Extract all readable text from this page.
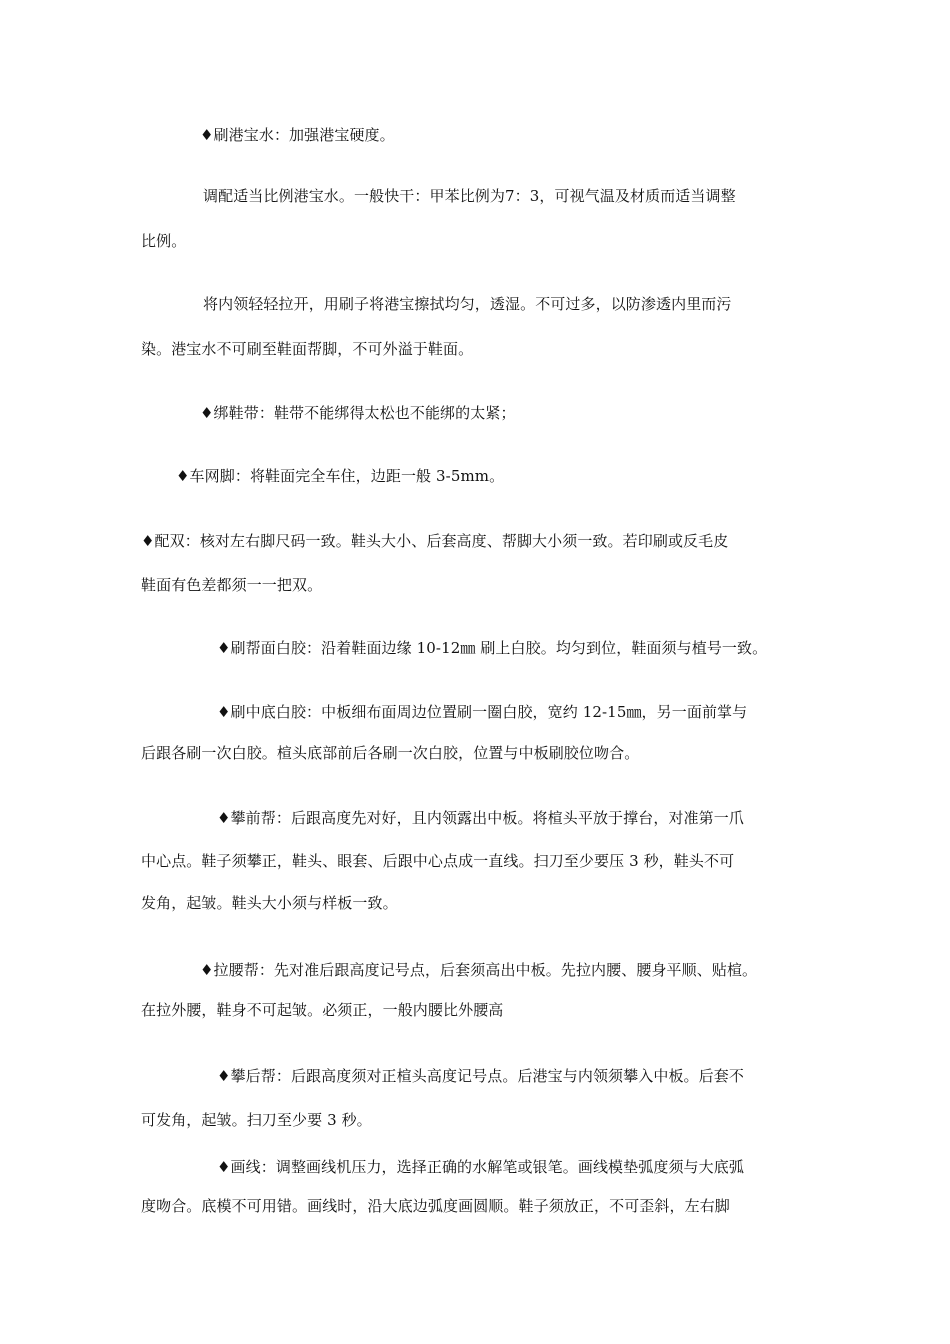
♦刷港宝水：加强港宝硬度。
调配适当比例港宝水。一般快干：甲苯比例为7：3，可视气温及材质而适当调整
比例。
将内领轻轻拉开，用刷子将港宝擦拭均匀，透湿。不可过多，以防渗透内里而污
染。港宝水不可刷至鞋面帮脚，不可外溢于鞋面。
♦绑鞋带：鞋带不能绑得太松也不能绑的太紧；
♦车网脚：将鞋面完全车住，边距一般 3-5mm。
♦配双：核对左右脚尺码一致。鞋头大小、后套高度、帮脚大小须一致。若印刷或反毛皮
鞋面有色差都须一一把双。
♦刷帮面白胶：沿着鞋面边缘 10-12㎜ 刷上白胶。均匀到位，鞋面须与植号一致。
♦刷中底白胶：中板细布面周边位置刷一圈白胶，宽约 12-15㎜，另一面前掌与
后跟各刷一次白胶。楦头底部前后各刷一次白胶，位置与中板刷胶位吻合。
♦攀前帮：后跟高度先对好，且内领露出中板。将楦头平放于撑台，对准第一爪
中心点。鞋子须攀正，鞋头、眼套、后跟中心点成一直线。扫刀至少要压 3 秒，鞋头不可
发角，起皱。鞋头大小须与样板一致。
♦拉腰帮：先对准后跟高度记号点，后套须高出中板。先拉内腰、腰身平顺、贴楦。
在拉外腰，鞋身不可起皱。必须正，一般内腰比外腰高
♦攀后帮：后跟高度须对正楦头高度记号点。后港宝与内领须攀入中板。后套不
可发角，起皱。扫刀至少要 3 秒。
♦画线：调整画线机压力，选择正确的水解笔或银笔。画线模垫弧度须与大底弧
度吻合。底模不可用错。画线时，沿大底边弧度画圆顺。鞋子须放正，不可歪斜，左右脚
